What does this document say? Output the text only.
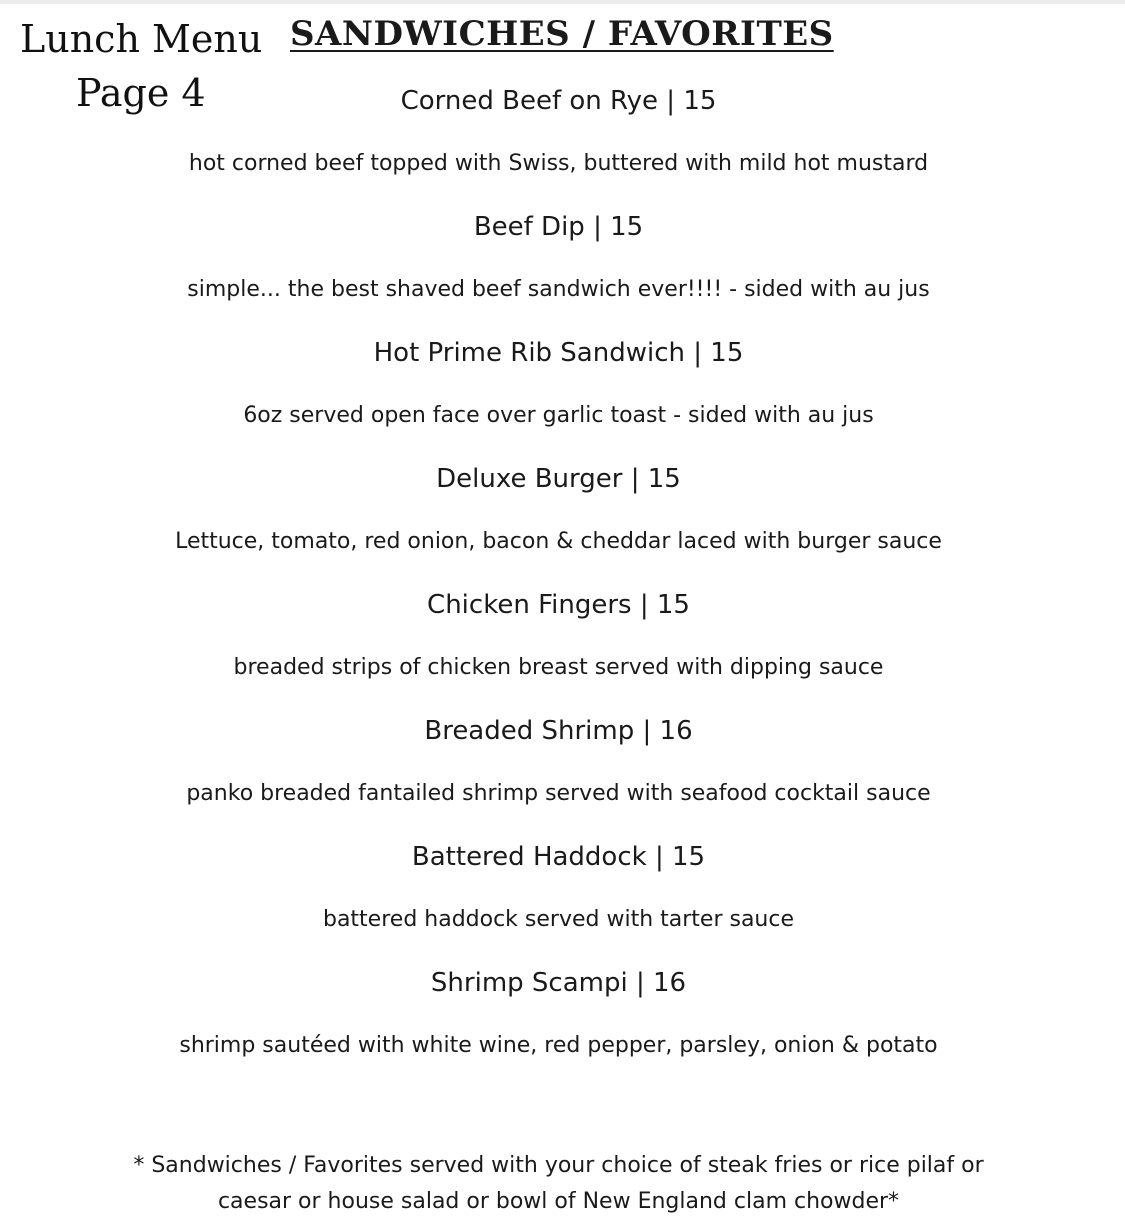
Lunch Menu
Page 4
SANDWICHES / FAVORITES
Corned Beef on Rye | 15
hot corned beef topped with Swiss, buttered with mild hot mustard
Beef Dip | 15
simple... the best shaved beef sandwich ever!!!! - sided with au jus
Hot Prime Rib Sandwich | 15
6oz served open face over garlic toast - sided with au jus
Deluxe Burger | 15
Lettuce, tomato, red onion, bacon & cheddar laced with burger sauce
Chicken Fingers | 15
breaded strips of chicken breast served with dipping sauce
Breaded Shrimp | 16
panko breaded fantailed shrimp served with seafood cocktail sauce
Battered Haddock | 15
battered haddock served with tarter sauce
Shrimp Scampi | 16
shrimp sautéed with white wine, red pepper, parsley, onion & potato
* Sandwiches / Favorites served with your choice of steak fries or rice pilaf or
caesar or house salad or bowl of New England clam chowder*
